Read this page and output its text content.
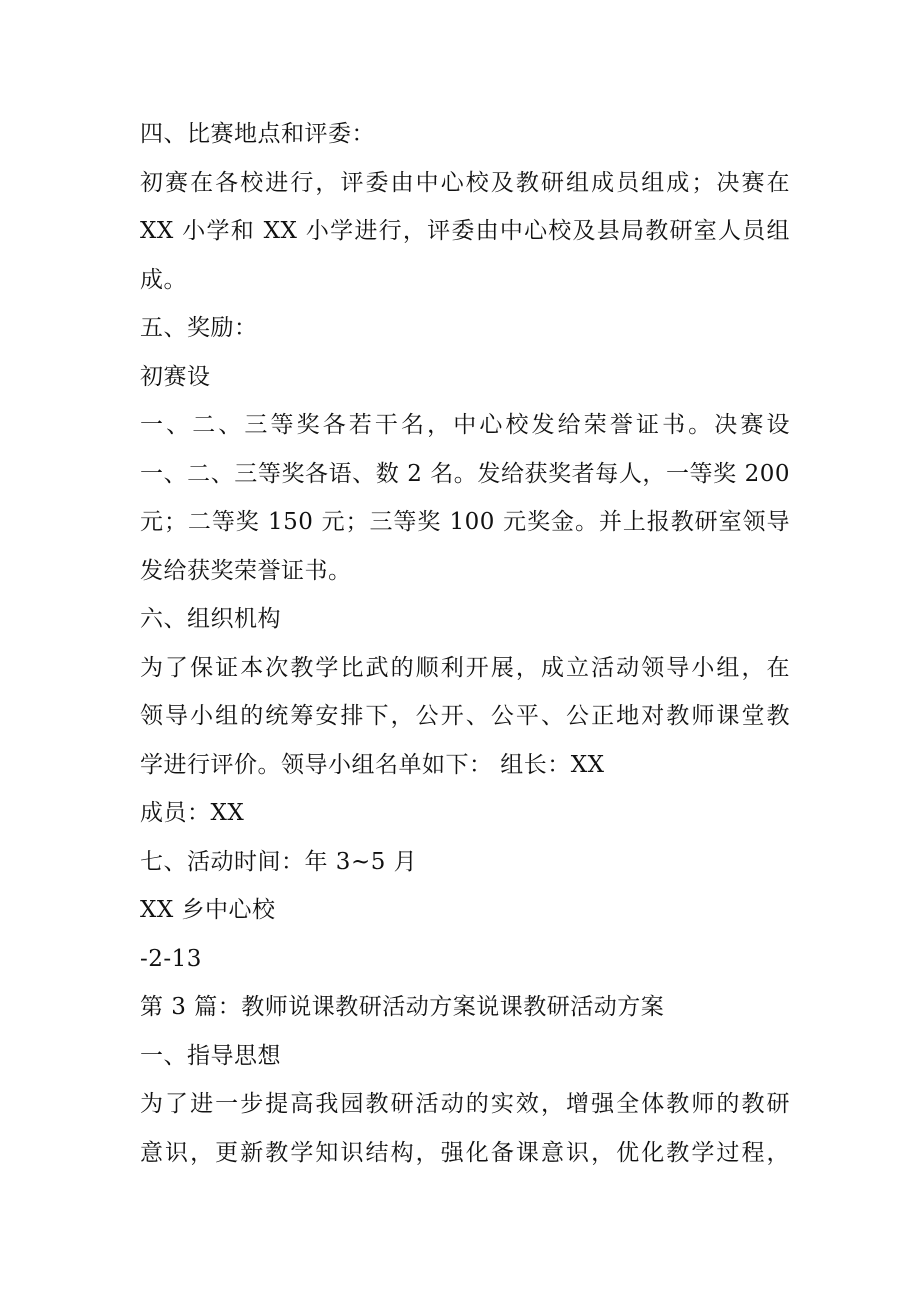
四、比赛地点和评委：
初赛在各校进行，评委由中心校及教研组成员组成；决赛在
XX 小学和 XX 小学进行，评委由中心校及县局教研室人员组
成。
五、奖励：
初赛设
一、二、三等奖各若干名，中心校发给荣誉证书。决赛设
一、二、三等奖各语、数 2 名。发给获奖者每人，一等奖 200
元；二等奖 150 元；三等奖 100 元奖金。并上报教研室领导
发给获奖荣誉证书。
六、组织机构
为了保证本次教学比武的顺利开展，成立活动领导小组，在
领导小组的统筹安排下，公开、公平、公正地对教师课堂教
学进行评价。领导小组名单如下： 组长：XX
成员：XX
七、活动时间：年 3~5 月
XX 乡中心校
-2-13
第 3 篇：教师说课教研活动方案说课教研活动方案
一、指导思想
为了进一步提高我园教研活动的实效，增强全体教师的教研
意识，更新教学知识结构，强化备课意识，优化教学过程，
